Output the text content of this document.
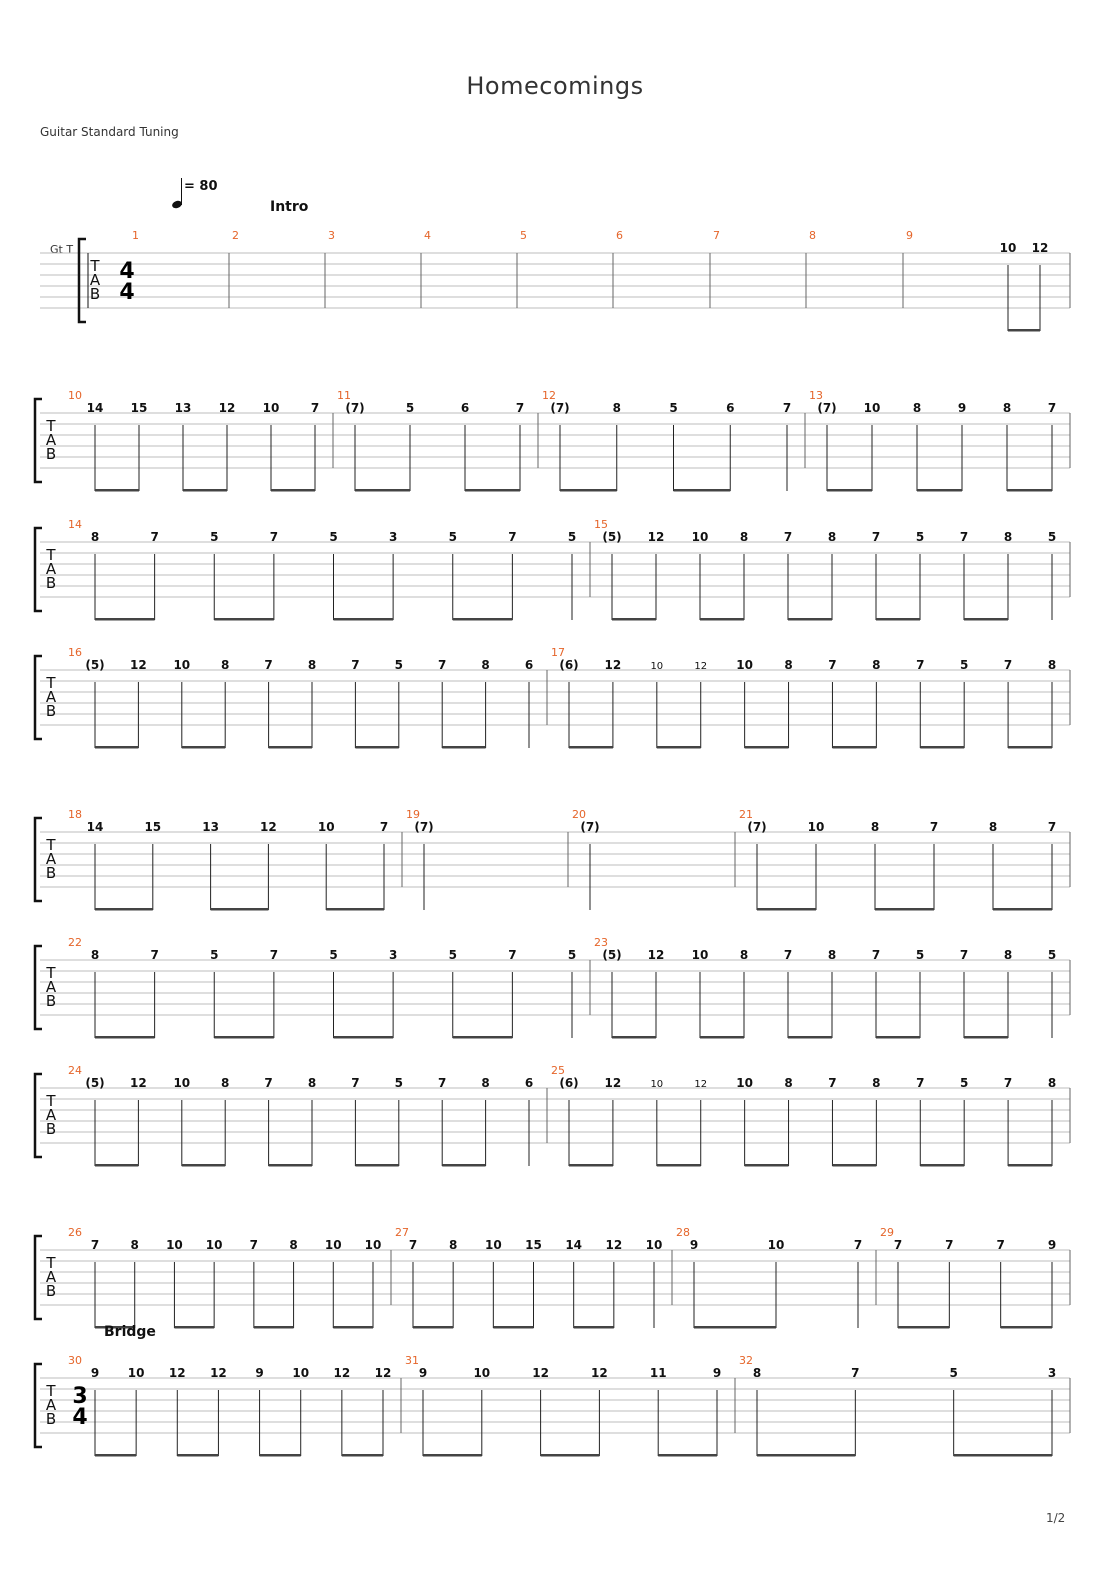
Homecomings
Guitar Standard Tuning
= 80
Gt T
1/2
T
A
B
4
4
Intro
1	2	3	4	5	6	7	8	9
10 12
T
A
B
10
14 15 13 12 10	7
11
(7)	5	6	7
12
(7)	8	5	6	7
13
(7) 10	8	9	8	7
T
A
B
14
8	7	5	7	5	3	5	7	5
15
(5) 12 10	8	7	8	7	5	7	8	5
T
A
B
16
(5) 12 10	8	7	8	7	5	7	8	6
17
(6) 12	10	12 10	8	7	8	7	5	7	8
T
A
B
18
14	15	13	12	10	7
19
(7)
20
(7)
21
(7)	10	8	7	8	7
T
A
B
22
8	7	5	7	5	3	5	7	5
23
(5) 12 10	8	7	8	7	5	7	8	5
T
A
B
24
(5) 12 10	8	7	8	7	5	7	8	6
25
(6) 12	10	12 10	8	7	8	7	5	7	8
T
A
B
26
7	8 10 10 7	8 10 10
27
7	8 10 15 14 12 10
28
9	10	7
29
7	7	7	9
T
A
B
3
4
Bridge
30
9 10 12 12 9 10 12 12
31
9	10	12	12	11	9
32
8	7	5	3
